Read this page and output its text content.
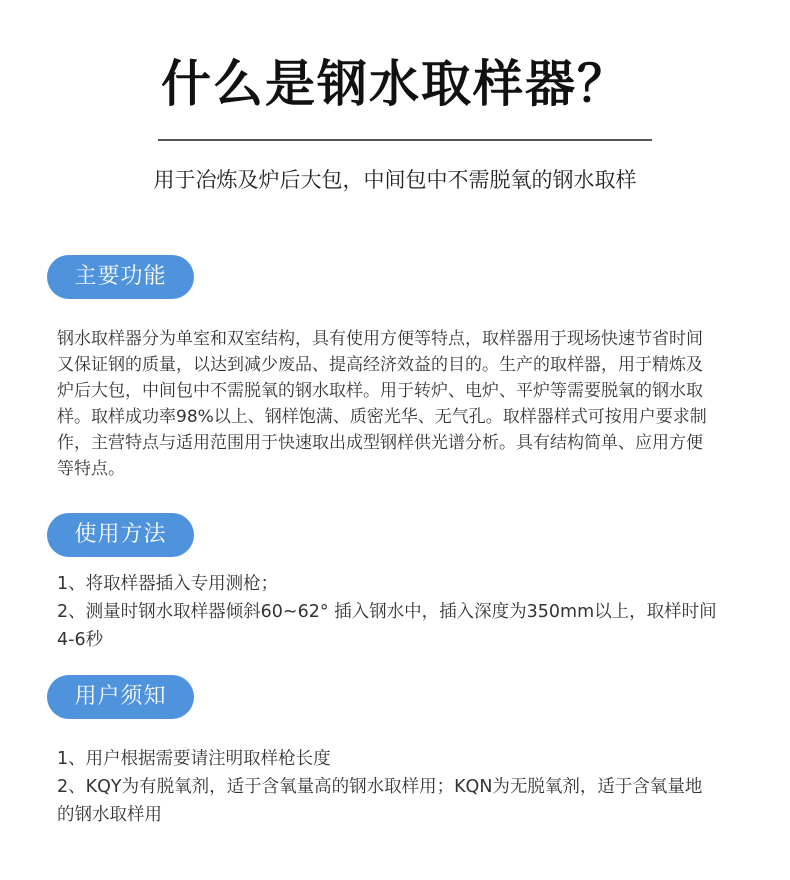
什么是钢水取样器？
用于冶炼及炉后大包，中间包中不需脱氧的钢水取样
主要功能
钢水取样器分为单室和双室结构，具有使用方便等特点，取样器用于现场快速节省时间又保证钢的质量，以达到减少废品、提高经济效益的目的。生产的取样器，用于精炼及炉后大包，中间包中不需脱氧的钢水取样。用于转炉、电炉、平炉等需要脱氧的钢水取样。取样成功率98%以上、钢样饱满、质密光华、无气孔。取样器样式可按用户要求制作，主营特点与适用范围用于快速取出成型钢样供光谱分析。具有结构简单、应用方便等特点。
使用方法
1、将取样器插入专用测枪；
2、测量时钢水取样器倾斜60~62° 插入钢水中，插入深度为350mm以上，取样时间4-6秒
用户须知
1、用户根据需要请注明取样枪长度
2、KQY为有脱氧剂，适于含氧量高的钢水取样用；KQN为无脱氧剂，适于含氧量地的钢水取样用
